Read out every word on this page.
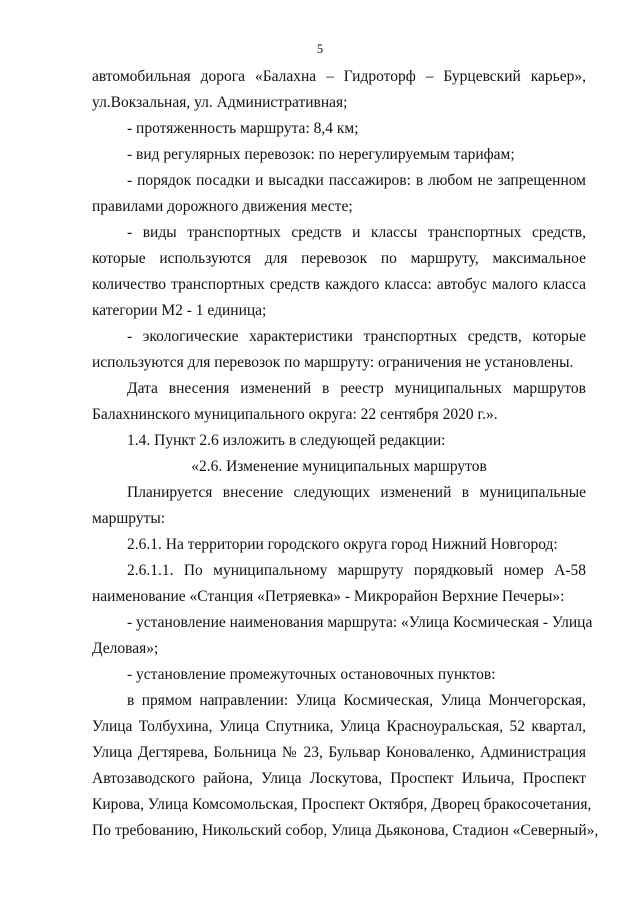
5
автомобильная дорога «Балахна – Гидроторф – Бурцевский карьер»,
ул.Вокзальная, ул. Административная;
- протяженность маршрута: 8,4 км;
- вид регулярных перевозок: по нерегулируемым тарифам;
- порядок посадки и высадки пассажиров: в любом не запрещенном
правилами дорожного движения месте;
- виды транспортных средств и классы транспортных средств,
которые используются для перевозок по маршруту, максимальное
количество транспортных средств каждого класса: автобус малого класса
категории М2 - 1 единица;
- экологические характеристики транспортных средств, которые
используются для перевозок по маршруту: ограничения не установлены.
Дата внесения изменений в реестр муниципальных маршрутов
Балахнинского муниципального округа: 22 сентября 2020 г.».
1.4. Пункт 2.6 изложить в следующей редакции:
«2.6. Изменение муниципальных маршрутов
Планируется внесение следующих изменений в муниципальные
маршруты:
2.6.1. На территории городского округа город Нижний Новгород:
2.6.1.1. По муниципальному маршруту порядковый номер А-58
наименование «Станция «Петряевка» - Микрорайон Верхние Печеры»:
- установление наименования маршрута: «Улица Космическая - Улица
Деловая»;
- установление промежуточных остановочных пунктов:
в прямом направлении: Улица Космическая, Улица Мончегорская,
Улица Толбухина, Улица Спутника, Улица Красноуральская, 52 квартал,
Улица Дегтярева, Больница № 23, Бульвар Коноваленко, Администрация
Автозаводского района, Улица Лоскутова, Проспект Ильича, Проспект
Кирова, Улица Комсомольская, Проспект Октября, Дворец бракосочетания,
По требованию, Никольский собор, Улица Дьяконова, Стадион «Северный»,
